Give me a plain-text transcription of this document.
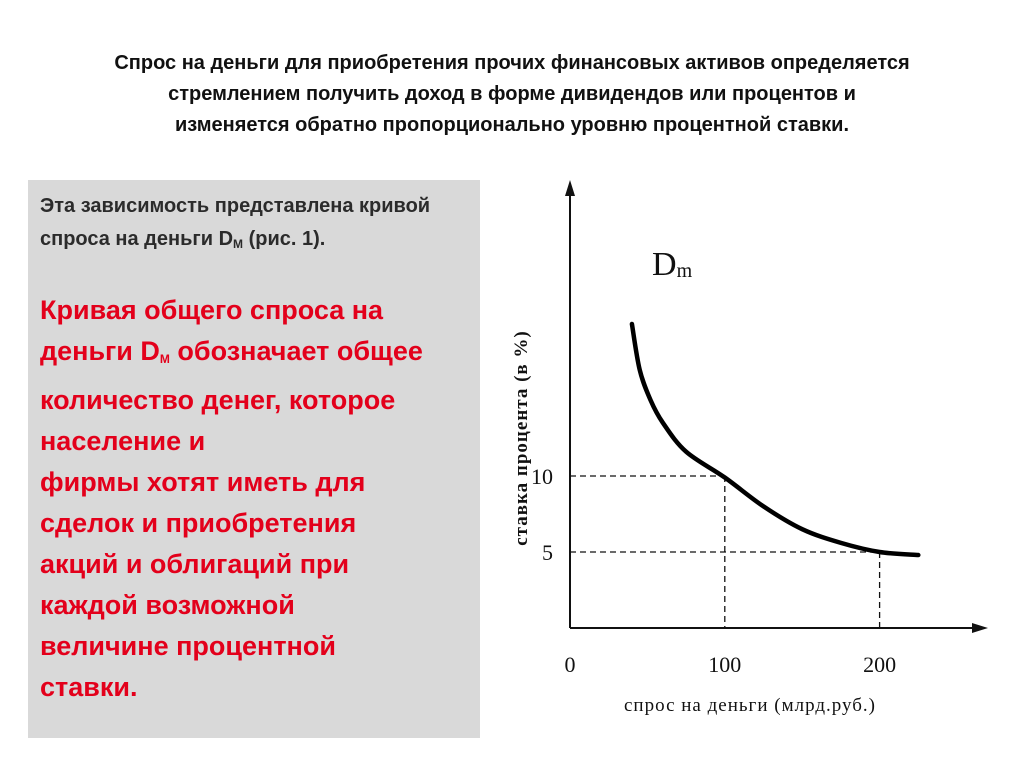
Спрос на деньги для приобретения прочих финансовых активов определяется
стремлением получить доход в форме дивидендов или процентов и
изменяется обратно пропорционально уровню процентной ставки.
Эта зависимость представлена кривой спроса на деньги $D_М$ (рис. 1).
Кривая общего спроса на
деньги $D_М$ обозначает общее
количество денег, которое
население и
фирмы хотят иметь для
сделок и приобретения
акций и облигаций при
каждой возможной
величине процентной
ставки.
0	100	200
5
10
Dm
спрос на деньги (млрд.руб.)
ставка процента (в %)
